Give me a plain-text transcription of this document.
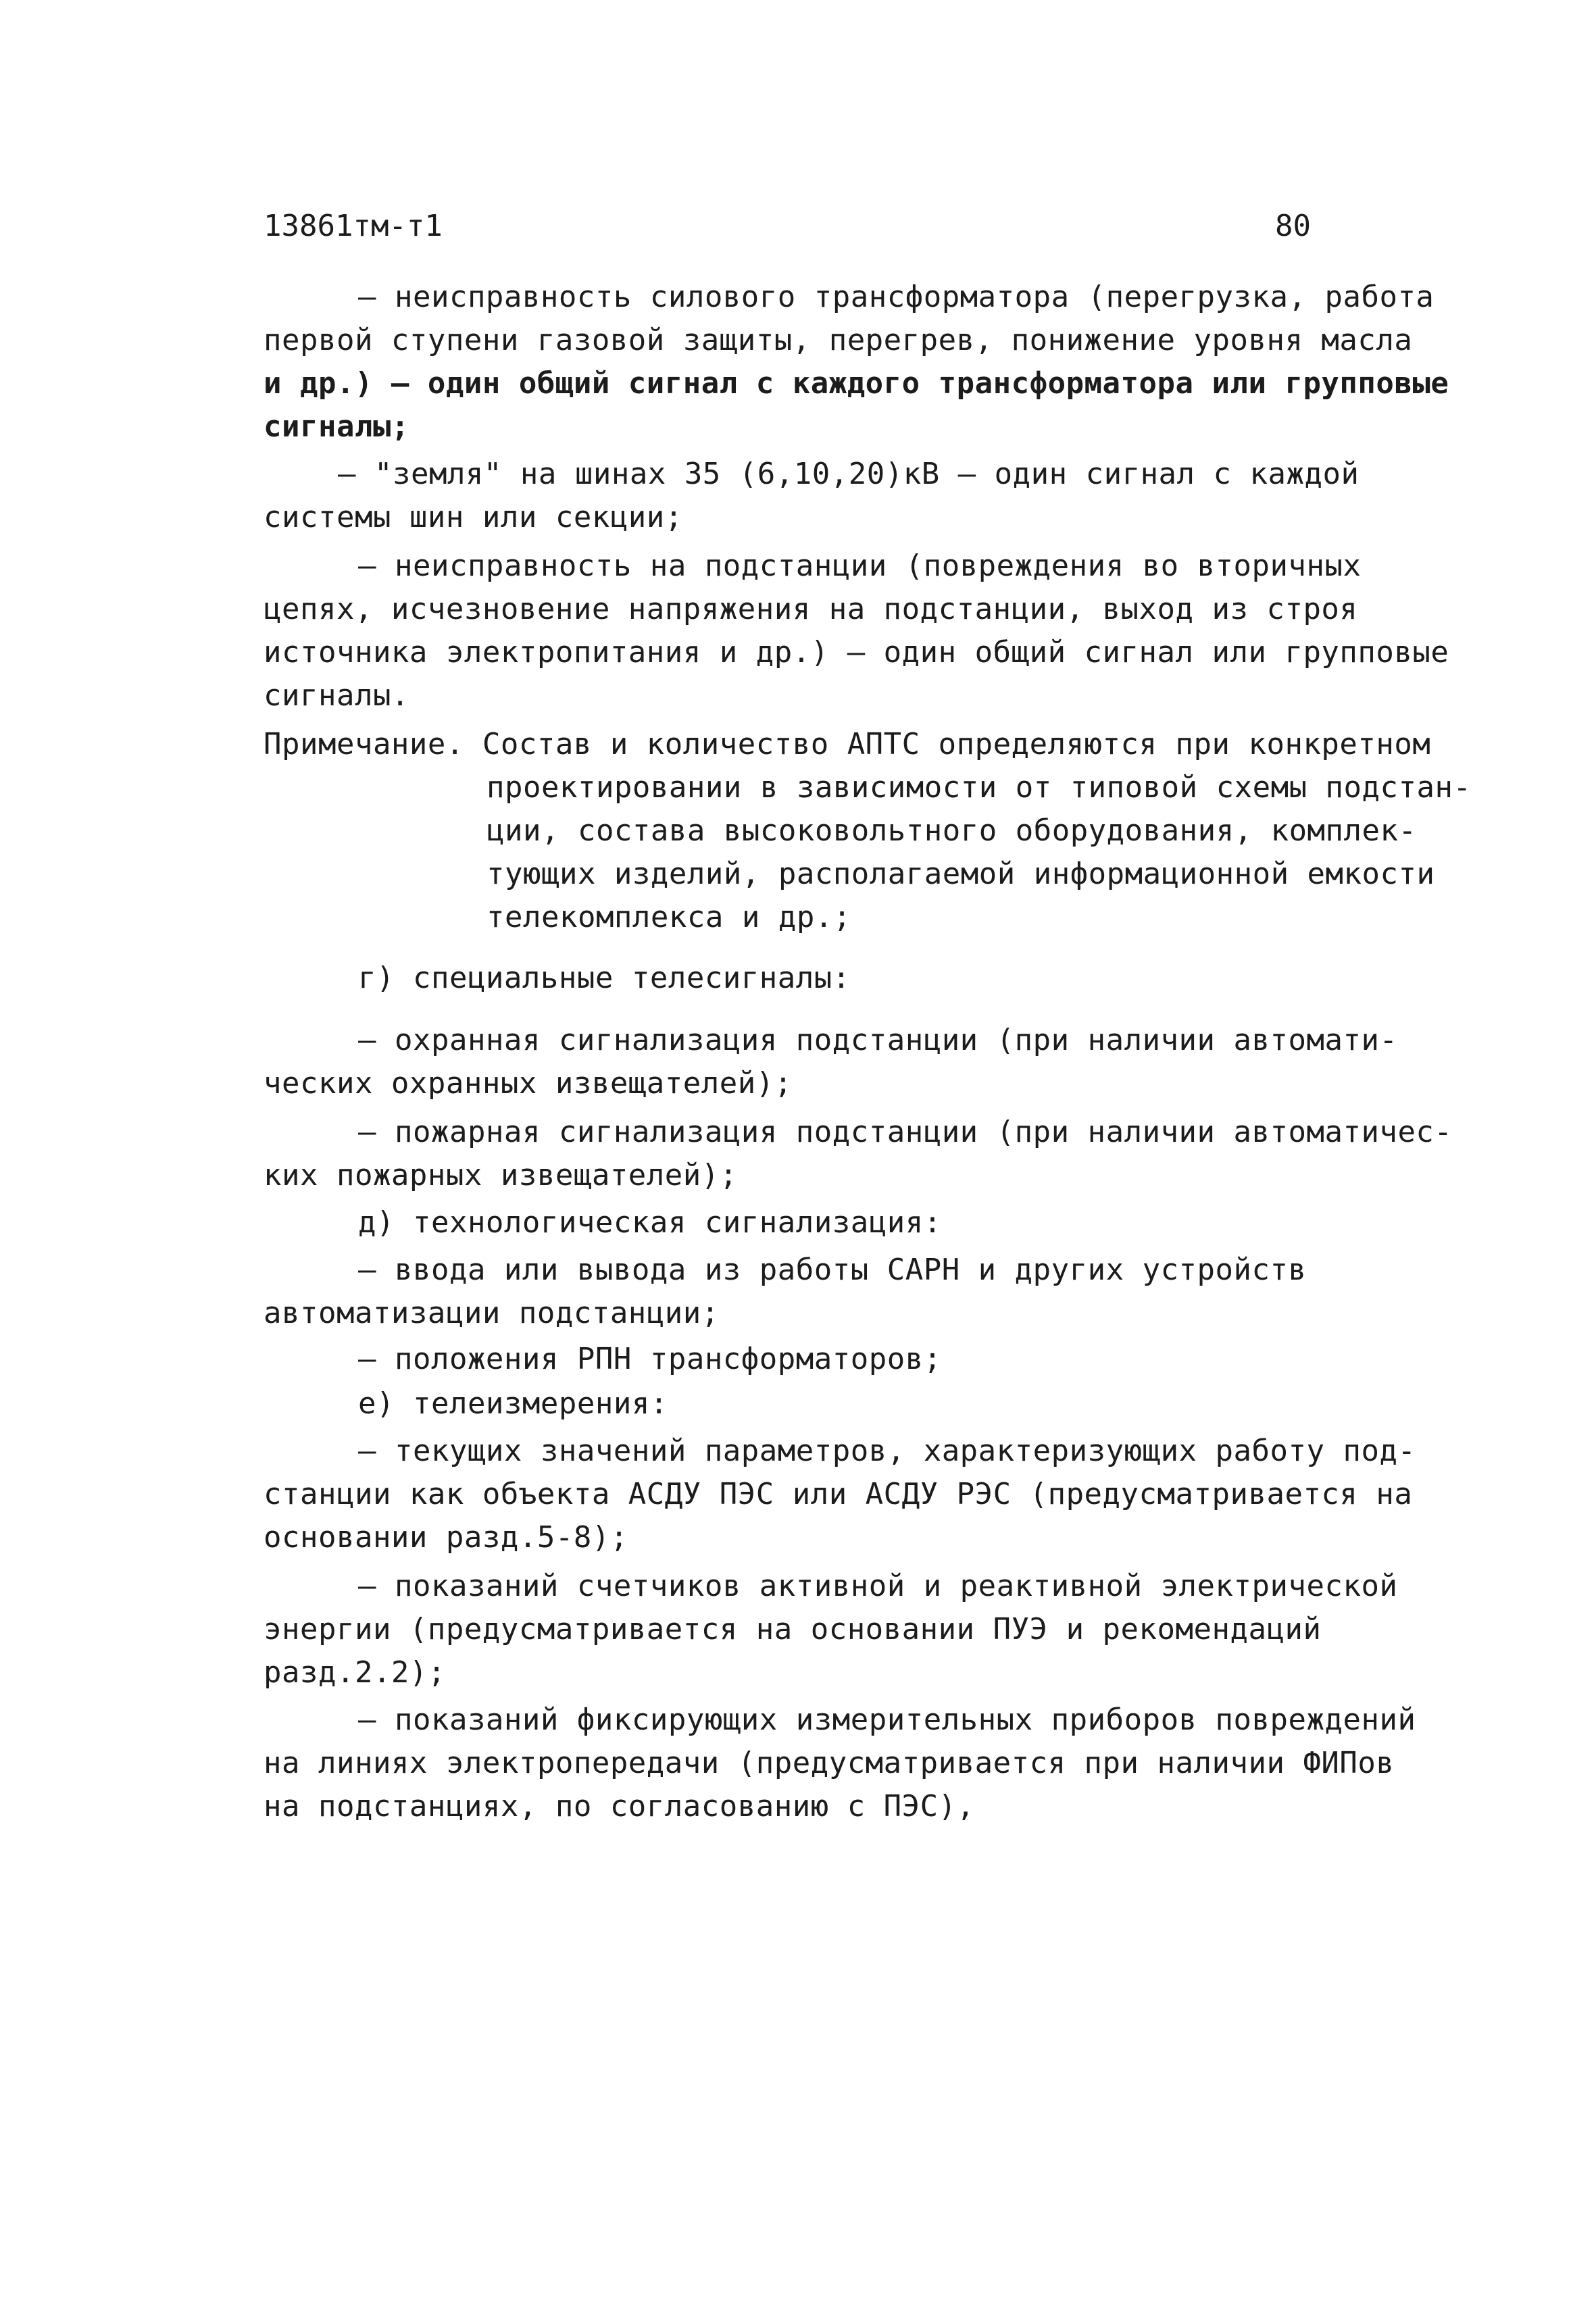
13861тм-т1	80
– неисправность силового трансформатора (перегрузка, работа
первой ступени газовой защиты, перегрев, понижение уровня масла
и др.) – один общий сигнал с каждого трансформатора или групповые
сигналы;
– "земля" на шинах 35 (6,10,20)кВ – один сигнал с каждой
системы шин или секции;
– неисправность на подстанции (повреждения во вторичных
цепях, исчезновение напряжения на подстанции, выход из строя
источника электропитания и др.) – один общий сигнал или групповые
сигналы.
Примечание. Состав и количество АПТС определяются при конкретном
проектировании в зависимости от типовой схемы подстан-
ции, состава высоковольтного оборудования, комплек-
тующих изделий, располагаемой информационной емкости
телекомплекса и др.;
г) специальные телесигналы:
– охранная сигнализация подстанции (при наличии автомати-
ческих охранных извещателей);
– пожарная сигнализация подстанции (при наличии автоматичес-
ких пожарных извещателей);
д) технологическая сигнализация:
– ввода или вывода из работы САРН и других устройств
автоматизации подстанции;
– положения РПН трансформаторов;
е) телеизмерения:
– текущих значений параметров, характеризующих работу под-
станции как объекта АСДУ ПЭС или АСДУ РЭС (предусматривается на
основании разд.5-8);
– показаний счетчиков активной и реактивной электрической
энергии (предусматривается на основании ПУЭ и рекомендаций
разд.2.2);
– показаний фиксирующих измерительных приборов повреждений
на линиях электропередачи (предусматривается при наличии ФИПов
на подстанциях, по согласованию с ПЭС),
